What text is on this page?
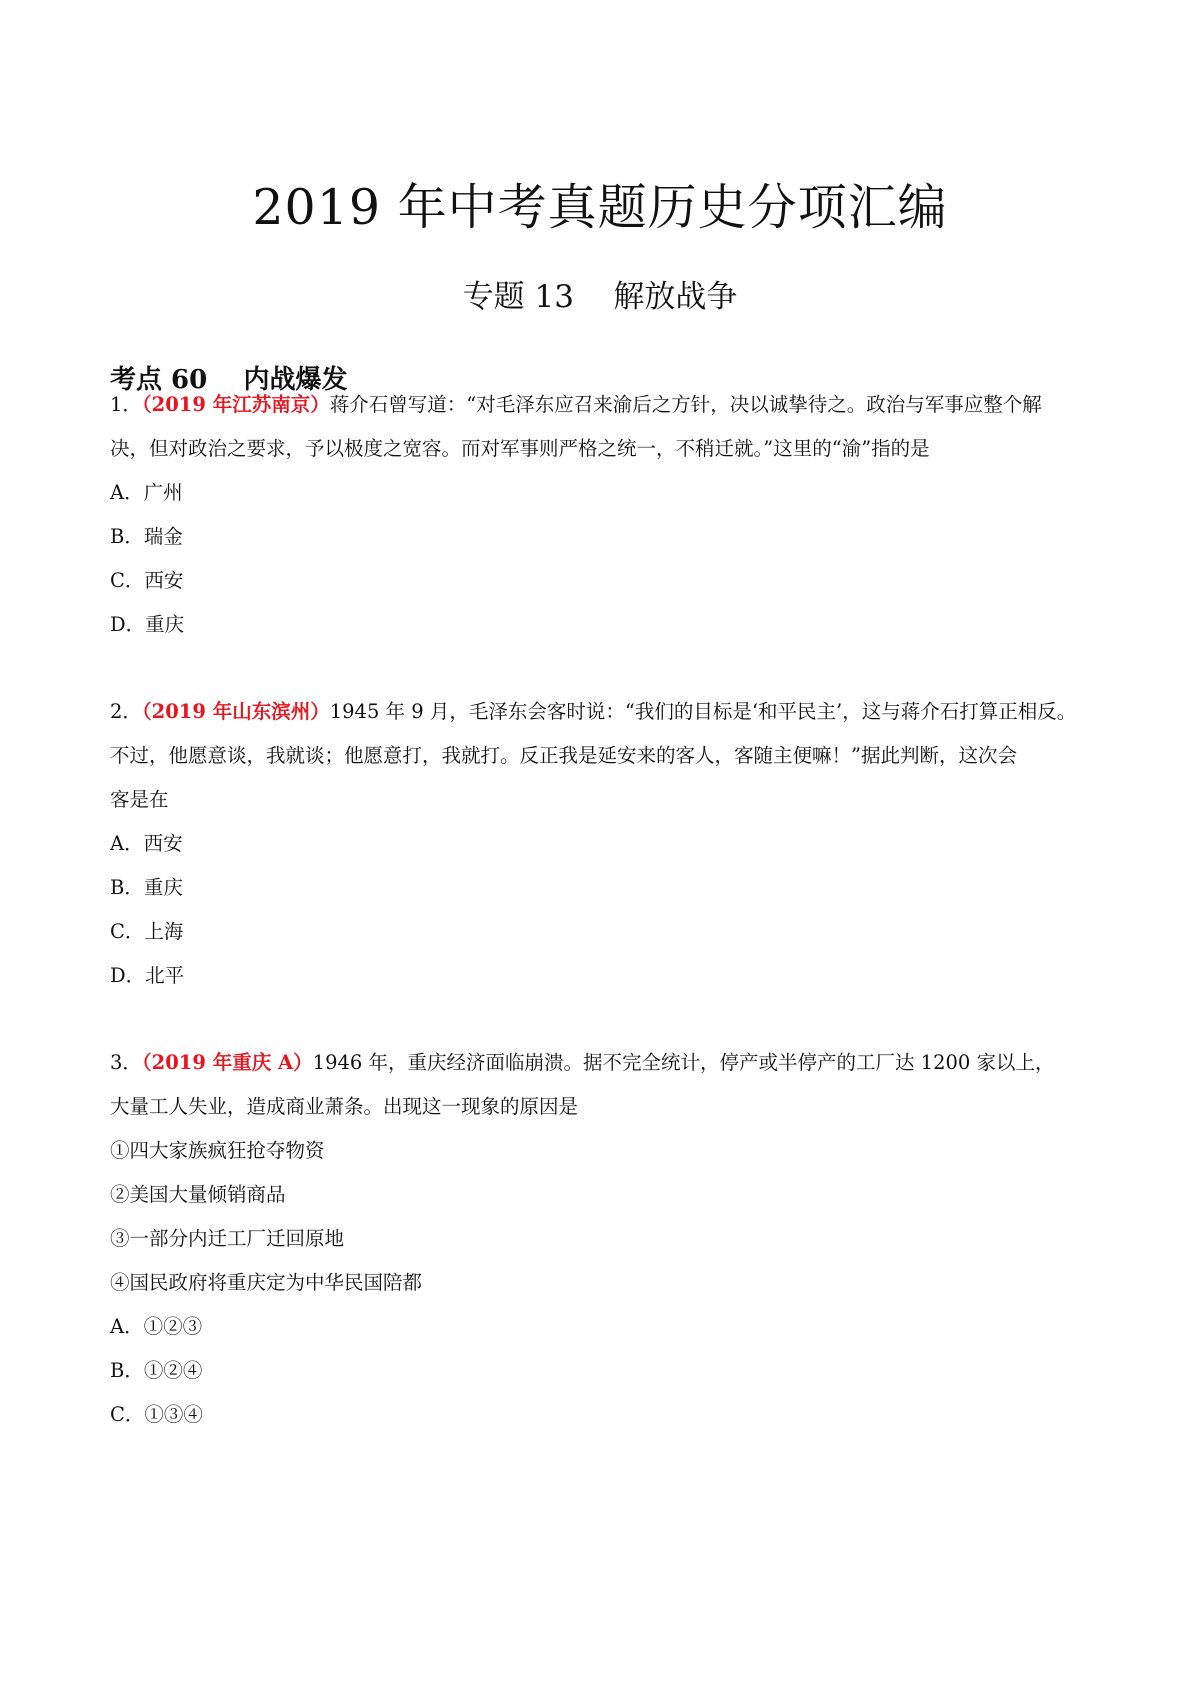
2019 年中考真题历史分项汇编
专题 13    解放战争
考点 60    内战爆发
1．（2019 年江苏南京）蒋介石曾写道：“对毛泽东应召来渝后之方针，决以诚挚待之。政治与军事应整个解
决，但对政治之要求，予以极度之宽容。而对军事则严格之统一，不稍迁就。”这里的“渝”指的是
A．广州
B．瑞金
C．西安
D．重庆
2．（2019 年山东滨州）1945 年 9 月，毛泽东会客时说：“我们的目标是‘和平民主’，这与蒋介石打算正相反。
不过，他愿意谈，我就谈；他愿意打，我就打。反正我是延安来的客人，客随主便嘛！”据此判断，这次会
客是在
A．西安
B．重庆
C．上海
D．北平
3．（2019 年重庆 A）1946 年，重庆经济面临崩溃。据不完全统计，停产或半停产的工厂达 1200 家以上，
大量工人失业，造成商业萧条。出现这一现象的原因是
①四大家族疯狂抢夺物资
②美国大量倾销商品
③一部分内迁工厂迁回原地
④国民政府将重庆定为中华民国陪都
A．①②③
B．①②④
C．①③④
